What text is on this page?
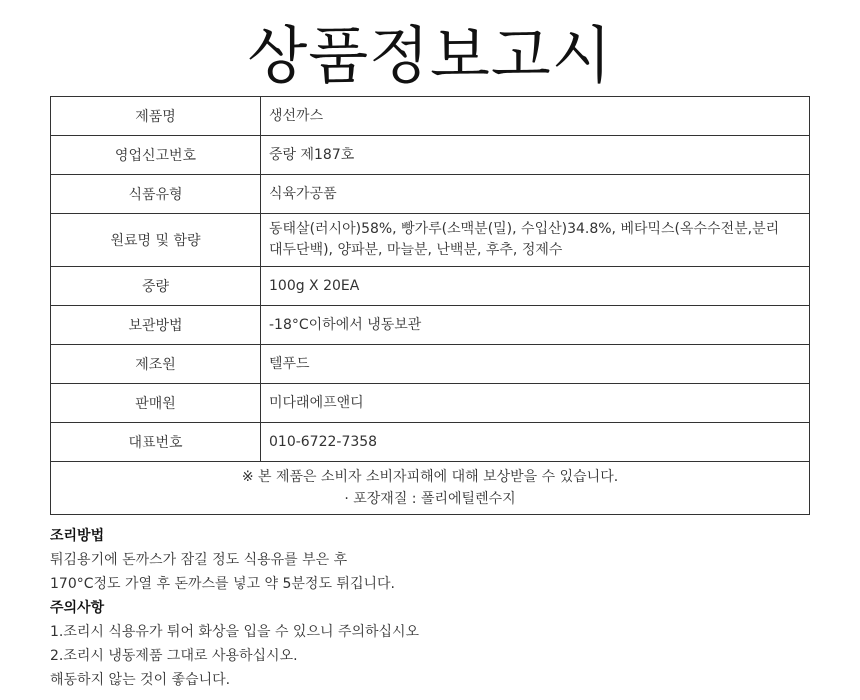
상품정보고시
제품명	생선까스
영업신고번호	중랑 제187호
식품유형	식육가공품
원료명 및 함량	동태살(러시아)58%, 빵가루(소맥분(밀), 수입산)34.8%, 베타믹스(옥수수전분,분리
대두단백), 양파분, 마늘분, 난백분, 후추, 정제수

중량	100g X 20EA
보관방법	-18°C이하에서 냉동보관
제조원	텔푸드
판매원	미다래에프앤디
대표번호	010-6722-7358

※ 본 제품은 소비자 소비자피해에 대해 보상받을 수 있습니다.
· 포장재질 : 폴리에틸렌수지	
조리방법
튀김용기에 돈까스가 잠길 정도 식용유를 부은 후
170°C정도 가열 후 돈까스를 넣고 약 5분정도 튀깁니다.
주의사항
1.조리시 식용유가 튀어 화상을 입을 수 있으니 주의하십시오
2.조리시 냉동제품 그대로 사용하십시오.
해동하지 않는 것이 좋습니다.
